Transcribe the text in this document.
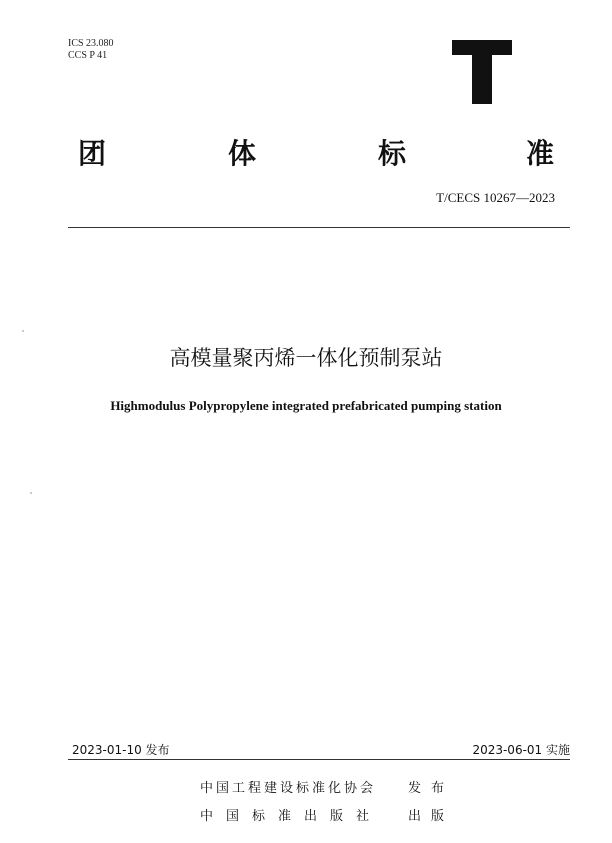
ICS 23.080
CCS P 41
团	体	标	准
T/CECS 10267—2023
高模量聚丙烯一体化预制泵站
Highmodulus Polypropylene integrated prefabricated pumping station
2023-01-10 发布	2023-06-01 实施
中国工程建设标准化协会 发布
中国标准出版社 出版
